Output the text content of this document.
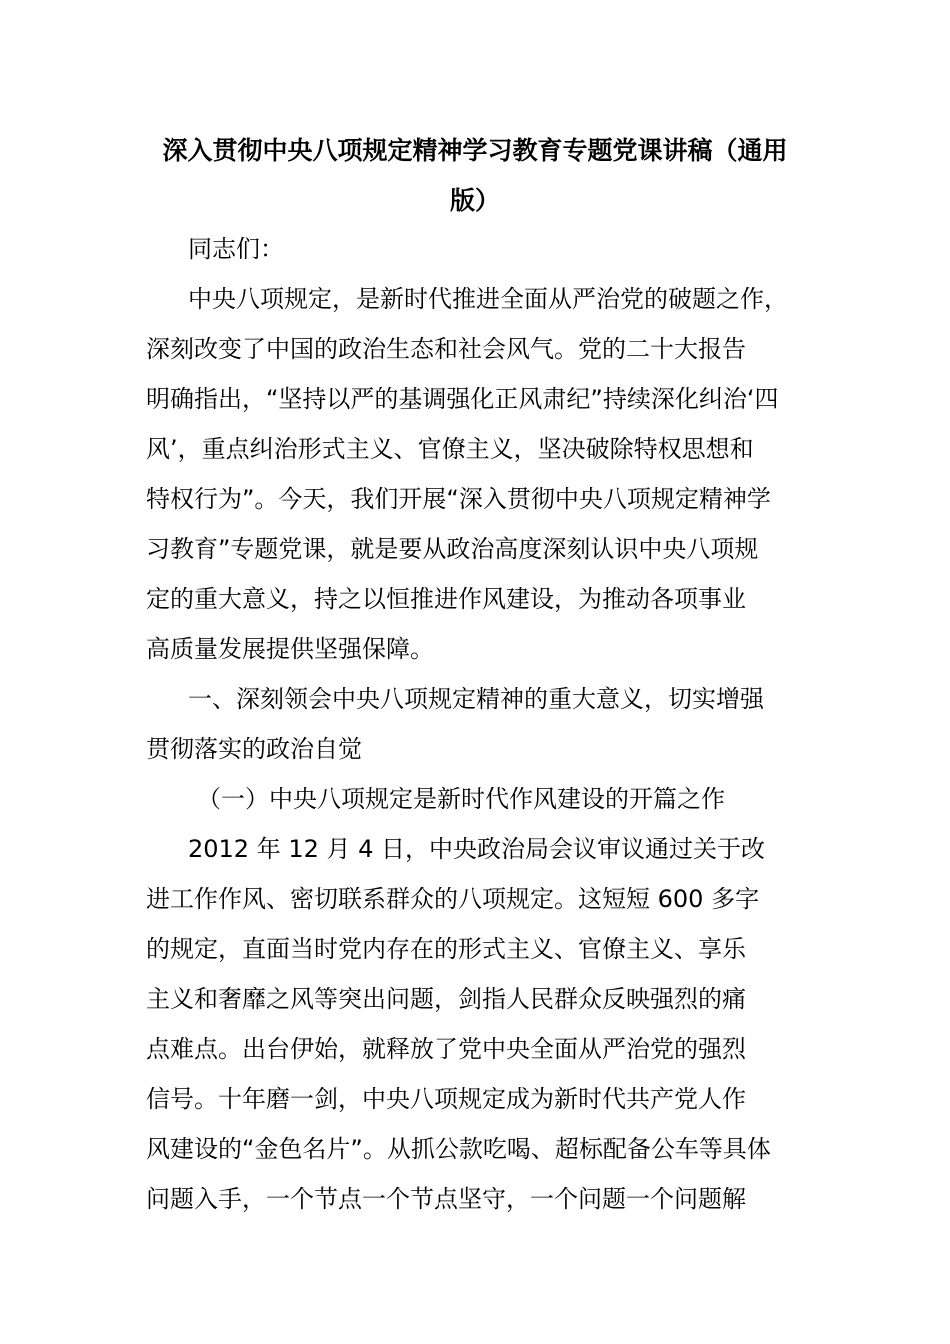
深入贯彻中央八项规定精神学习教育专题党课讲稿（通用
版）

同志们：

中央八项规定，是新时代推进全面从严治党的破题之作，

深刻改变了中国的政治生态和社会风气。党的二十大报告

明确指出，“坚持以严的基调强化正风肃纪”持续深化纠治‘四

风’，重点纠治形式主义、官僚主义，坚决破除特权思想和

特权行为”。今天，我们开展“深入贯彻中央八项规定精神学

习教育”专题党课，就是要从政治高度深刻认识中央八项规

定的重大意义，持之以恒推进作风建设，为推动各项事业

高质量发展提供坚强保障。

一、深刻领会中央八项规定精神的重大意义，切实增强

贯彻落实的政治自觉

（一）中央八项规定是新时代作风建设的开篇之作

2012 年 12 月 4 日，中央政治局会议审议通过关于改

进工作作风、密切联系群众的八项规定。这短短 600 多字

的规定，直面当时党内存在的形式主义、官僚主义、享乐

主义和奢靡之风等突出问题，剑指人民群众反映强烈的痛

点难点。出台伊始，就释放了党中央全面从严治党的强烈

信号。十年磨一剑，中央八项规定成为新时代共产党人作

风建设的“金色名片”。从抓公款吃喝、超标配备公车等具体

问题入手，一个节点一个节点坚守，一个问题一个问题解
